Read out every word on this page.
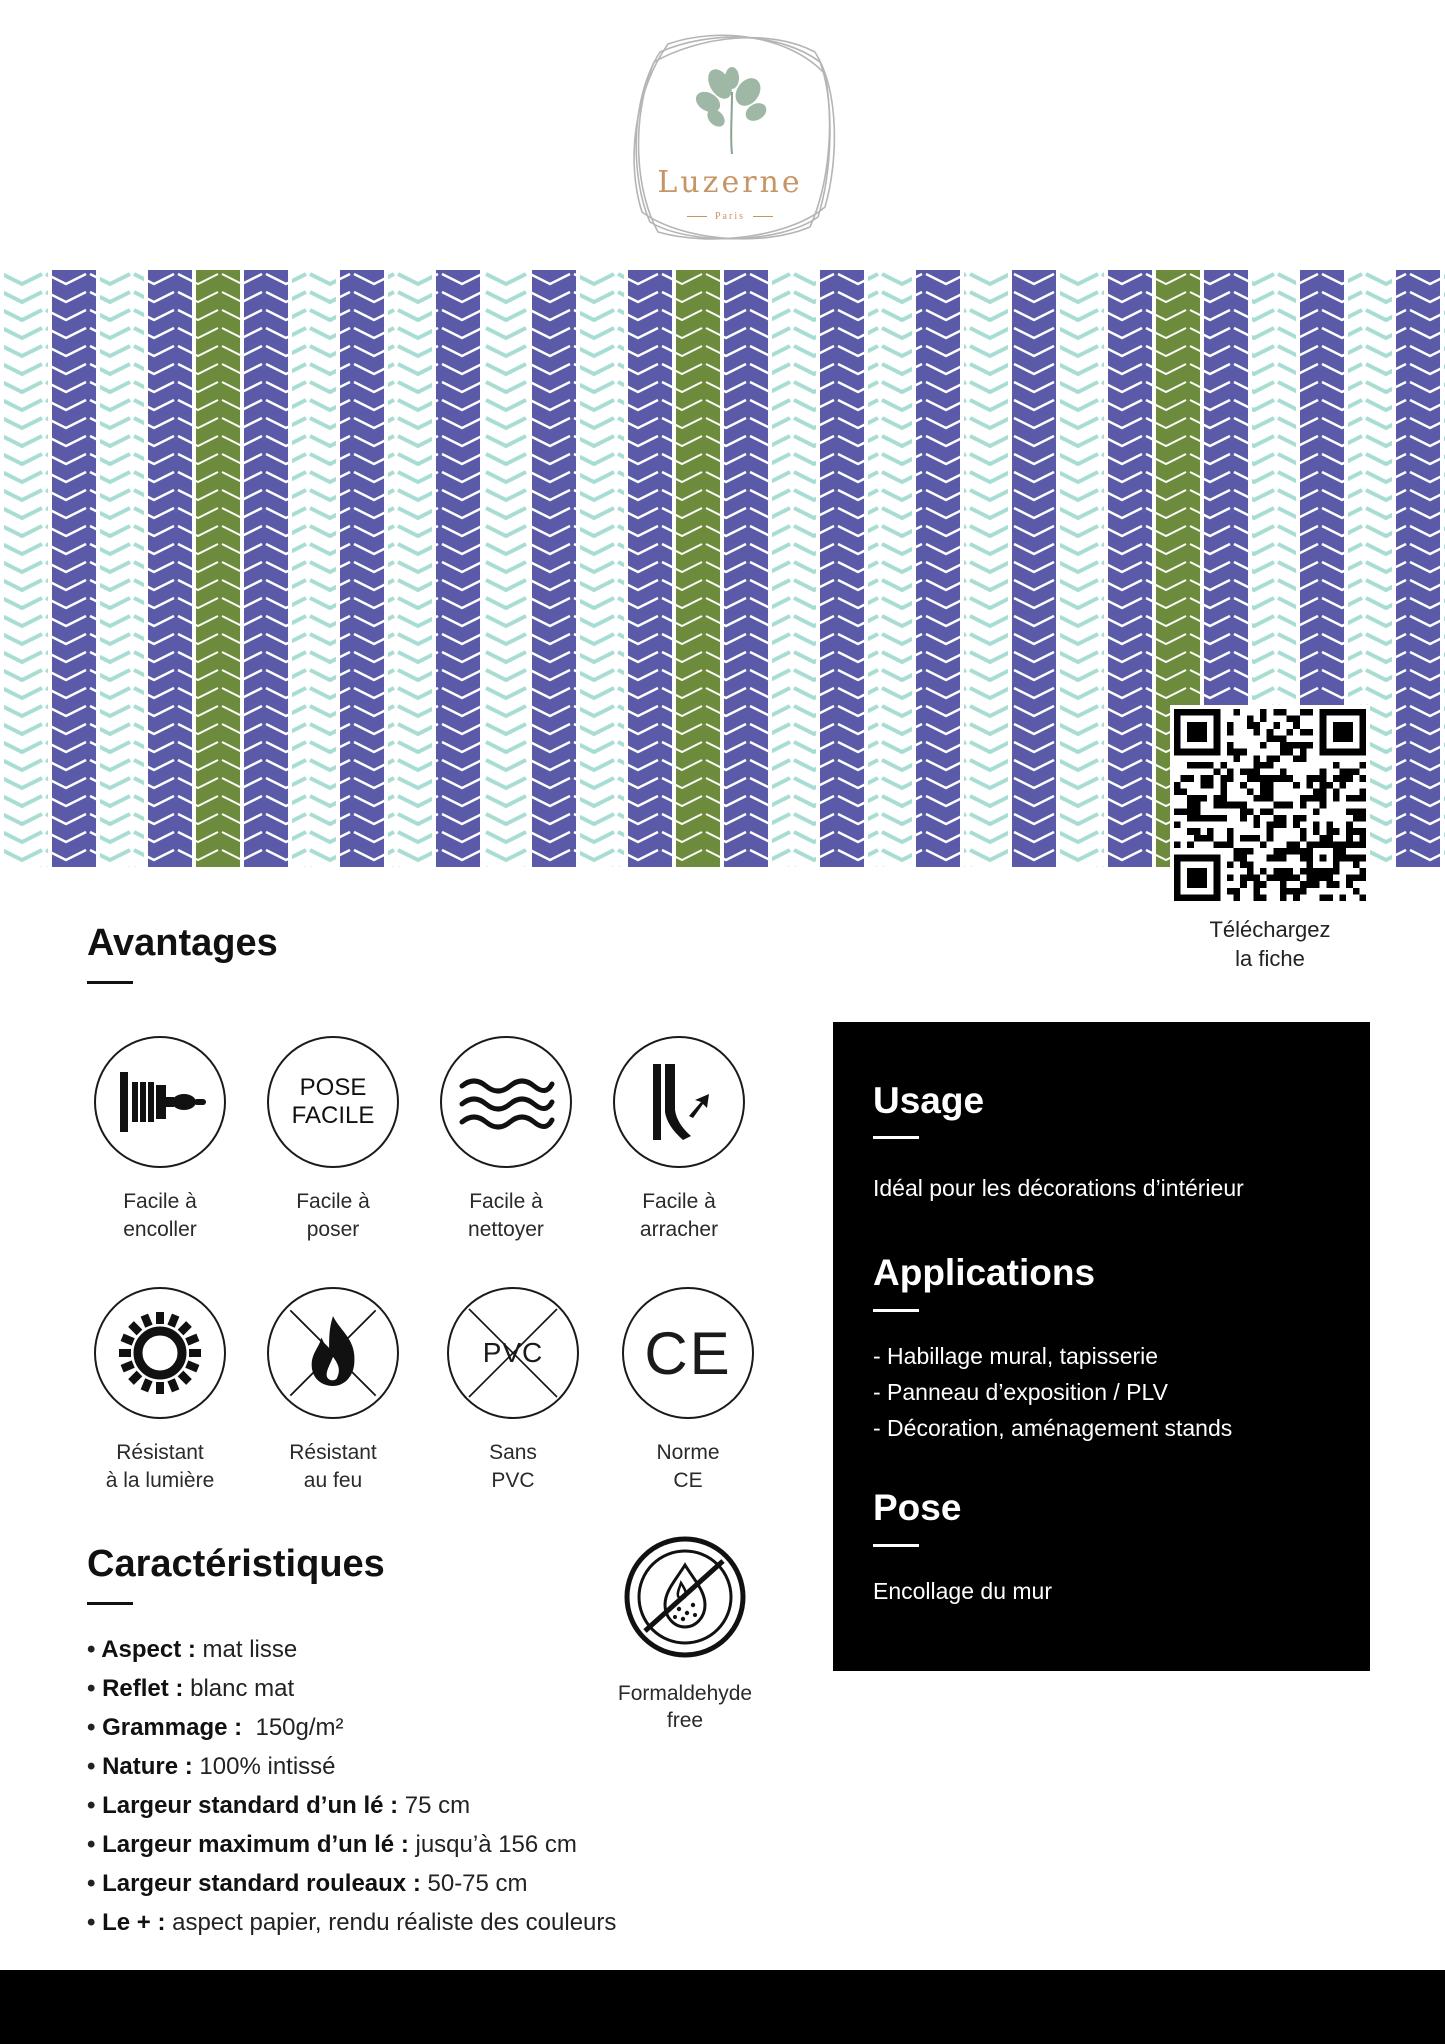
Luzerne
Paris
Téléchargez
la fiche
Avantages
Facile à
encoller
POSE
FACILE
Facile à
poser
Facile à
nettoyer
Facile à
arracher
Résistant
à la lumière
Résistant
au feu
PVC
Sans
PVC
CE
Norme
CE
Caractéristiques
• Aspect : mat lisse
• Reflet : blanc mat
• Grammage :  150g/m²
• Nature : 100% intissé
• Largeur standard d’un lé : 75 cm
• Largeur maximum d’un lé : jusqu’à 156 cm
• Largeur standard rouleaux : 50-75 cm
• Le + : aspect papier, rendu réaliste des couleurs
Formaldehyde
free
Usage
Idéal pour les décorations d’intérieur
Applications
- Habillage mural, tapisserie
- Panneau d’exposition / PLV
- Décoration, aménagement stands
Pose
Encollage du mur
